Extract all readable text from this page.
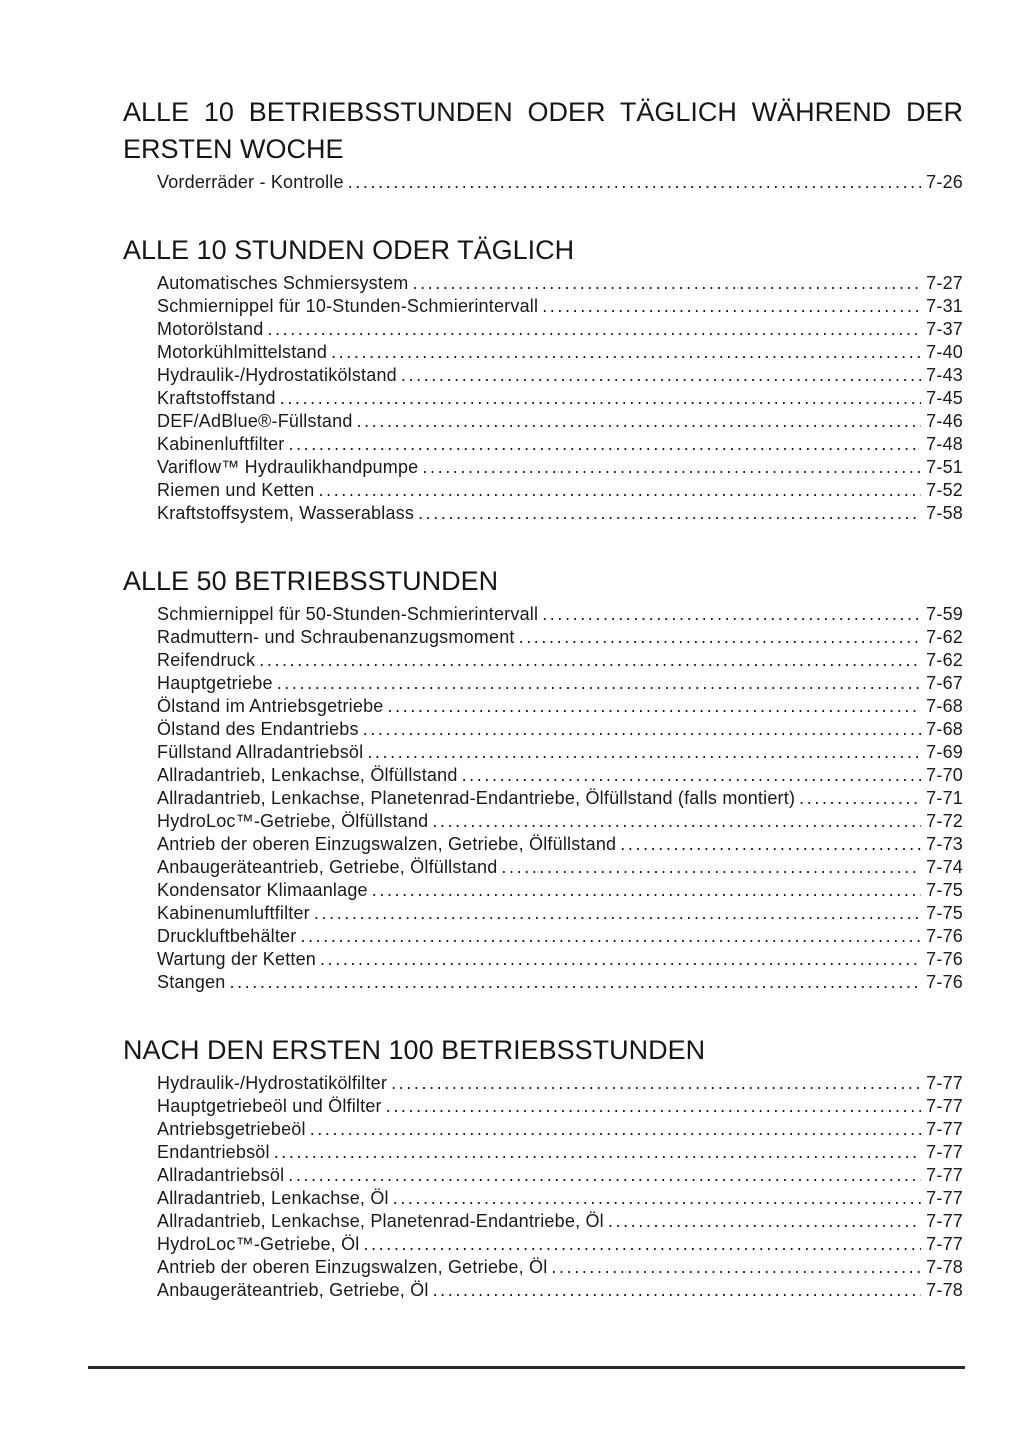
ALLE 10 BETRIEBSSTUNDEN ODER TÄGLICH WÄHREND DER
ERSTEN WOCHE
Vorderräder - Kontrolle .....	7-26
ALLE 10 STUNDEN ODER TÄGLICH
Automatisches Schmiersystem .....	7-27
Schmiernippel für 10-Stunden-Schmierintervall .....	7-31
Motorölstand .....	7-37
Motorkühlmittelstand .....	7-40
Hydraulik-/Hydrostatikölstand .....	7-43
Kraftstoffstand .....	7-45
DEF/AdBlue®-Füllstand .....	7-46
Kabinenluftfilter .....	7-48
Variflow™ Hydraulikhandpumpe .....	7-51
Riemen und Ketten .....	7-52
Kraftstoffsystem, Wasserablass .....	7-58
ALLE 50 BETRIEBSSTUNDEN
Schmiernippel für 50-Stunden-Schmierintervall .....	7-59
Radmuttern- und Schraubenanzugsmoment .....	7-62
Reifendruck .....	7-62
Hauptgetriebe .....	7-67
Ölstand im Antriebsgetriebe .....	7-68
Ölstand des Endantriebs .....	7-68
Füllstand Allradantriebsöl .....	7-69
Allradantrieb, Lenkachse, Ölfüllstand .....	7-70
Allradantrieb, Lenkachse, Planetenrad-Endantriebe, Ölfüllstand (falls montiert) .....	7-71
HydroLoc™-Getriebe, Ölfüllstand .....	7-72
Antrieb der oberen Einzugswalzen, Getriebe, Ölfüllstand .....	7-73
Anbaugeräteantrieb, Getriebe, Ölfüllstand .....	7-74
Kondensator Klimaanlage .....	7-75
Kabinenumluftfilter .....	7-75
Druckluftbehälter .....	7-76
Wartung der Ketten .....	7-76
Stangen .....	7-76
NACH DEN ERSTEN 100 BETRIEBSSTUNDEN
Hydraulik-/Hydrostatikölfilter .....	7-77
Hauptgetriebeöl und Ölfilter .....	7-77
Antriebsgetriebeöl .....	7-77
Endantriebsöl .....	7-77
Allradantriebsöl .....	7-77
Allradantrieb, Lenkachse, Öl .....	7-77
Allradantrieb, Lenkachse, Planetenrad-Endantriebe, Öl .....	7-77
HydroLoc™-Getriebe, Öl .....	7-77
Antrieb der oberen Einzugswalzen, Getriebe, Öl .....	7-78
Anbaugeräteantrieb, Getriebe, Öl .....	7-78
